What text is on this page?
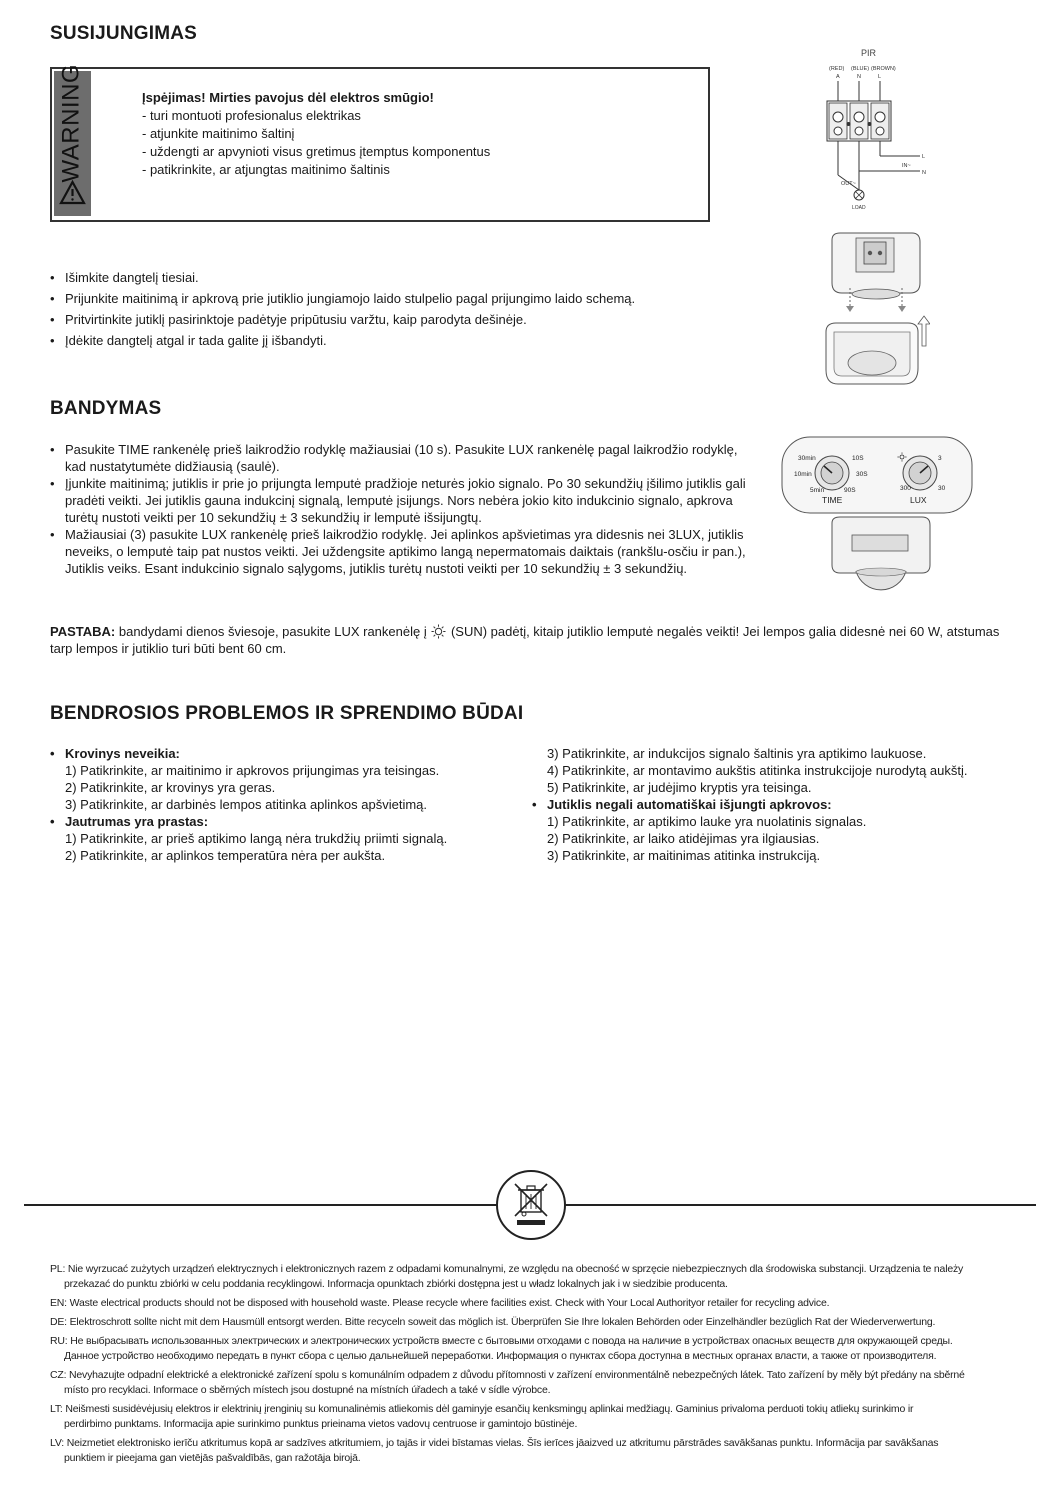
SUSIJUNGIMAS
WARNING	Įspėjimas! Mirties pavojus dėl elektros smūgio!
- turi montuoti profesionalus elektrikas
- atjunkite maitinimo šaltinį
- uždengti ar apvynioti visus gretimus įtemptus komponentus
- patikrinkite, ar atjungtas maitinimo šaltinis
• Išimkite dangtelį tiesiai.
• Prijunkite maitinimą ir apkrovą prie jutiklio jungiamojo laido stulpelio pagal prijungimo laido schemą.
• Pritvirtinkite jutiklį pasirinktoje padėtyje pripūtusiu varžtu, kaip parodyta dešinėje.
• Įdėkite dangtelį atgal ir tada galite jį išbandyti.
PIR
(RED) (BLUE) (BROWN)
A	N	L
IN~
L
N
OUT~
LOAD
BANDYMAS
• Pasukite TIME rankenėlę prieš laikrodžio rodyklę mažiausiai (10 s). Pasukite LUX rankenėlę pagal laikrodžio rodyklę, kad nustatytumėte didžiausią (saulė).
• Įjunkite maitinimą; jutiklis ir prie jo prijungta lemputė pradžioje neturės jokio signalo. Po 30 sekundžių įšilimo jutiklis gali pradėti veikti. Jei jutiklis gauna indukcinį signalą, lemputė įsijungs. Nors nebėra jokio kito indukcinio signalo, apkrova turėtų nustoti veikti per 10 sekundžių ± 3 sekundžių ir lemputė išsijungtų.
• Mažiausiai (3) pasukite LUX rankenėlę prieš laikrodžio rodyklę. Jei aplinkos apšvietimas yra didesnis nei 3LUX, jutiklis neveiks, o lemputė taip pat nustos veikti. Jei uždengsite aptikimo langą nepermatomais daiktais (rankšlu-osčiu ir pan.), Jutiklis veiks. Esant indukcinio signalo sąlygoms, jutiklis turėtų nustoti veikti per 10 sekundžių ± 3 sekundžių.
PASTABA: bandydami dienos šviesoje, pasukite LUX rankenėlę į  (SUN) padėtį, kitaip jutiklio lemputė negalės veikti! Jei lempos galia didesnė nei 60 W, atstumas tarp lempos ir jutiklio turi būti bent 60 cm.
30min
10min
5min
10S
30S
90S
TIME
300
3
30
LUX
BENDROSIOS PROBLEMOS IR SPRENDIMO BŪDAI
• Krovinys neveikia:
1) Patikrinkite, ar maitinimo ir apkrovos prijungimas yra teisingas.
2) Patikrinkite, ar krovinys yra geras.
3) Patikrinkite, ar darbinės lempos atitinka aplinkos apšvietimą.
• Jautrumas yra prastas:
1) Patikrinkite, ar prieš aptikimo langą nėra trukdžių priimti signalą.
2) Patikrinkite, ar aplinkos temperatūra nėra per aukšta.
3) Patikrinkite, ar indukcijos signalo šaltinis yra aptikimo laukuose.
4) Patikrinkite, ar montavimo aukštis atitinka instrukcijoje nurodytą aukštį.
5) Patikrinkite, ar judėjimo kryptis yra teisinga.
• Jutiklis negali automatiškai išjungti apkrovos:
1) Patikrinkite, ar aptikimo lauke yra nuolatinis signalas.
2) Patikrinkite, ar laiko atidėjimas yra ilgiausias.
3) Patikrinkite, ar maitinimas atitinka instrukciją.
PL: Nie wyrzucać zużytych urządzeń elektrycznych i elektronicznych razem z odpadami komunalnymi, ze względu na obecność w sprzęcie niebezpiecznych dla środowiska substancji. Urządzenia te należy
przekazać do punktu zbiórki w celu poddania recyklingowi. Informacja opunktach zbiórki dostępna jest u władz lokalnych jak i w siedzibie producenta.
EN: Waste electrical products should not be disposed with household waste. Please recycle where facilities exist. Check with Your Local Authorityor retailer for recycling advice.
DE: Elektroschrott sollte nicht mit dem Hausmüll entsorgt werden. Bitte recyceln soweit das möglich ist. Überprüfen Sie Ihre lokalen Behörden oder Einzelhändler bezüglich Rat der Wiederverwertung.
RU: Не выбрасывать использованных электрических и электронических устройств вместе с бытовыми отходами с повода на наличие в устройствах опасных веществ для окружающей среды.
Данное устройство необходимо передать в пункт сбора с целью дальнейшей переработки. Информация о пунктах сбора доступна в местных органах власти, а также от производителя.
CZ: Nevyhazujte odpadní elektrické a elektronické zařízení spolu s komunálním odpadem z důvodu přítomnosti v zařízení environmentálně nebezpečných látek. Tato zařízení by měly být předány na sběrné
místo pro recyklaci. Informace o sběrných místech jsou dostupné na místních úřadech a také v sídle výrobce.
LT: Neišmesti susidėvėjusių elektros ir elektrinių įrenginių su komunalinėmis atliekomis dėl gaminyje esančių kenksmingų aplinkai medžiagų. Gaminius privaloma perduoti tokių atliekų surinkimo ir
perdirbimo punktams. Informacija apie surinkimo punktus prieinama vietos vadovų centruose ir gamintojo būstinėje.
LV: Neizmetiet elektronisko ierīču atkritumus kopā ar sadzīves atkritumiem, jo tajās ir videi bīstamas vielas. Šīs ierīces jāaizved uz atkritumu pārstrādes savākšanas punktu. Informācija par savākšanas
punktiem ir pieejama gan vietējās pašvaldībās, gan ražotāja birojā.
